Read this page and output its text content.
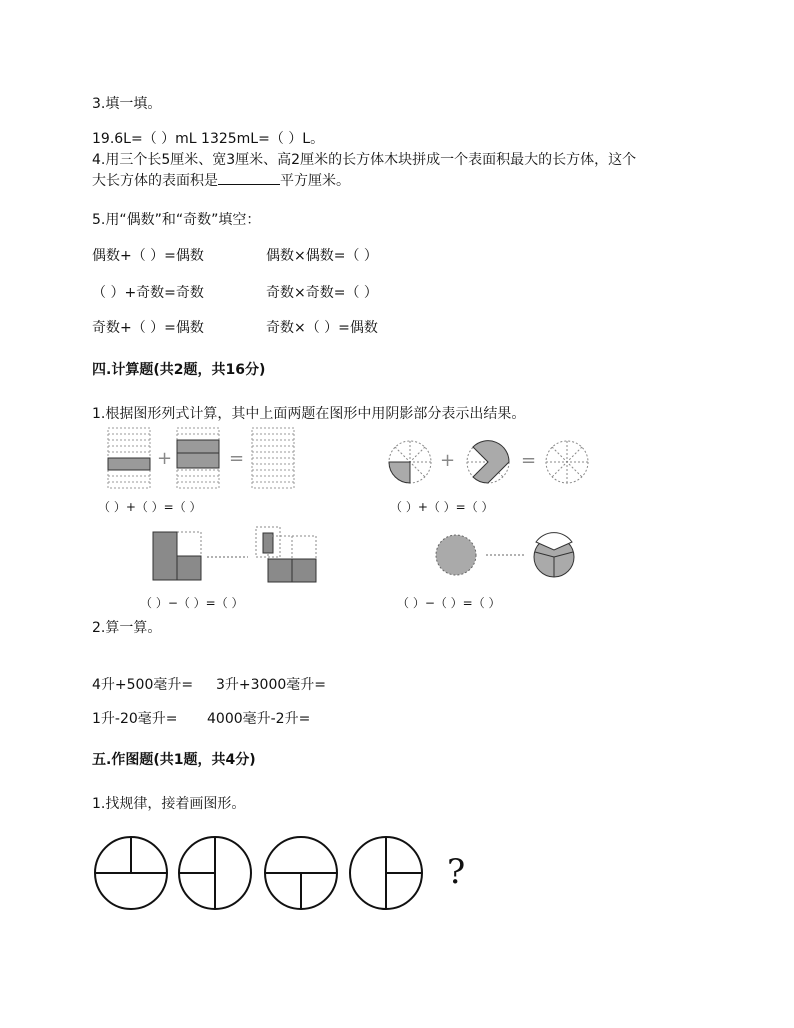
3.填一填。
19.6L=（ ）mL 1325mL=（ ）L。
4.用三个长5厘米、宽3厘米、高2厘米的长方体木块拼成一个表面积最大的长方体，这个
大长方体的表面积是	平方厘米。
5.用“偶数”和“奇数”填空：
偶数+（ ）=偶数	偶数×偶数=（ ）
（ ）+奇数=奇数	奇数×奇数=（ ）
奇数+（ ）=偶数	奇数×（ ）=偶数
四.计算题(共2题，共16分)
1.根据图形列式计算，其中上面两题在图形中用阴影部分表示出结果。
+	=	+	=
（ ）+（ ）=（ ）	（ ）+（ ）=（ ）
（ ）−（ ）=（ ）	（ ）−（ ）=（ ）
2.算一算。
4升+500毫升= 3升+3000毫升=
1升-20毫升= 4000毫升-2升=
五.作图题(共1题，共4分)
1.找规律，接着画图形。
?
